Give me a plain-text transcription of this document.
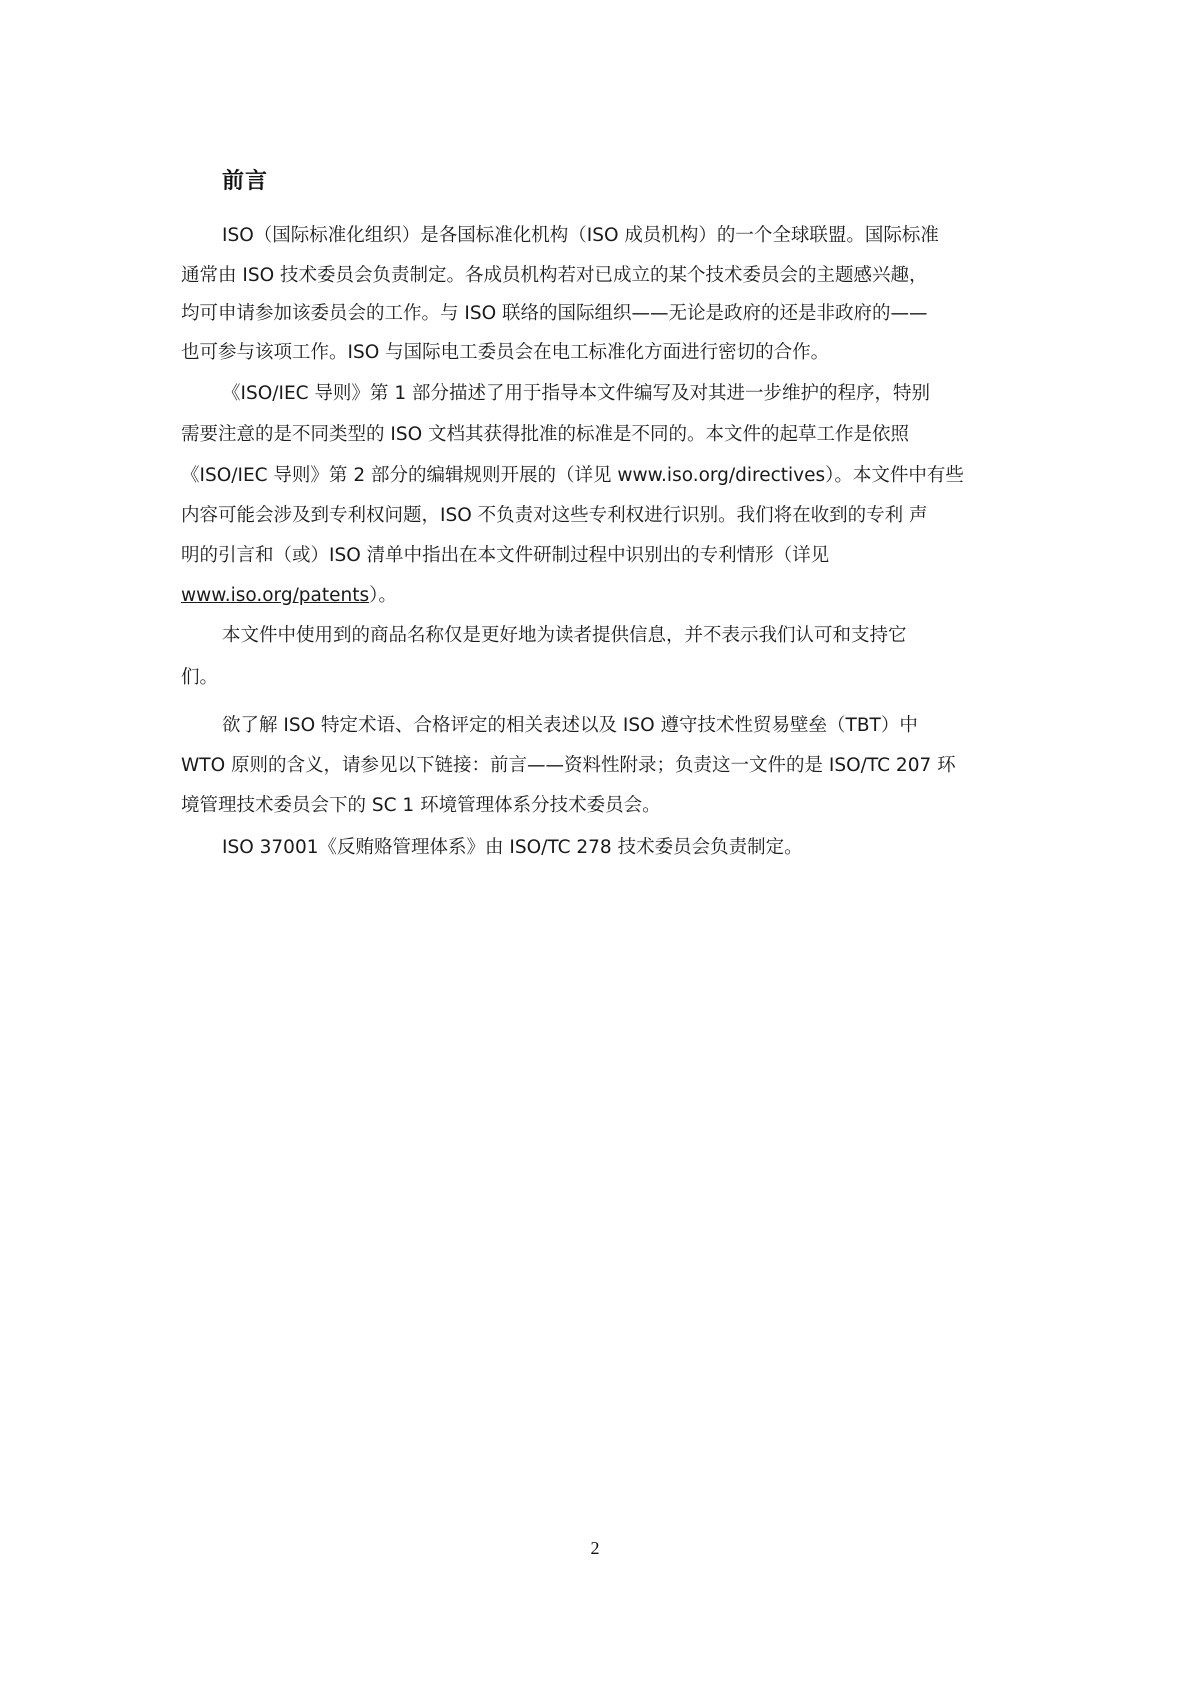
前言
ISO（国际标准化组织）是各国标准化机构（ISO 成员机构）的一个全球联盟。国际标准
通常由 ISO 技术委员会负责制定。各成员机构若对已成立的某个技术委员会的主题感兴趣，
均可申请参加该委员会的工作。与 ISO 联络的国际组织——无论是政府的还是非政府的——
也可参与该项工作。ISO 与国际电工委员会在电工标准化方面进行密切的合作。
《ISO/IEC 导则》第 1 部分描述了用于指导本文件编写及对其进一步维护的程序，特别
需要注意的是不同类型的 ISO 文档其获得批准的标准是不同的。本文件的起草工作是依照
《ISO/IEC 导则》第 2 部分的编辑规则开展的（详见 www.iso.org/directives）。本文件中有些
内容可能会涉及到专利权问题，ISO 不负责对这些专利权进行识别。我们将在收到的专利 声
明的引言和（或）ISO 清单中指出在本文件研制过程中识别出的专利情形（详见
www.iso.org/patents）。
本文件中使用到的商品名称仅是更好地为读者提供信息，并不表示我们认可和支持它
们。
欲了解 ISO 特定术语、合格评定的相关表述以及 ISO 遵守技术性贸易壁垒（TBT）中
WTO 原则的含义，请参见以下链接：前言——资料性附录；负责这一文件的是 ISO/TC 207 环
境管理技术委员会下的 SC 1 环境管理体系分技术委员会。
ISO 37001《反贿赂管理体系》由 ISO/TC 278 技术委员会负责制定。
2
